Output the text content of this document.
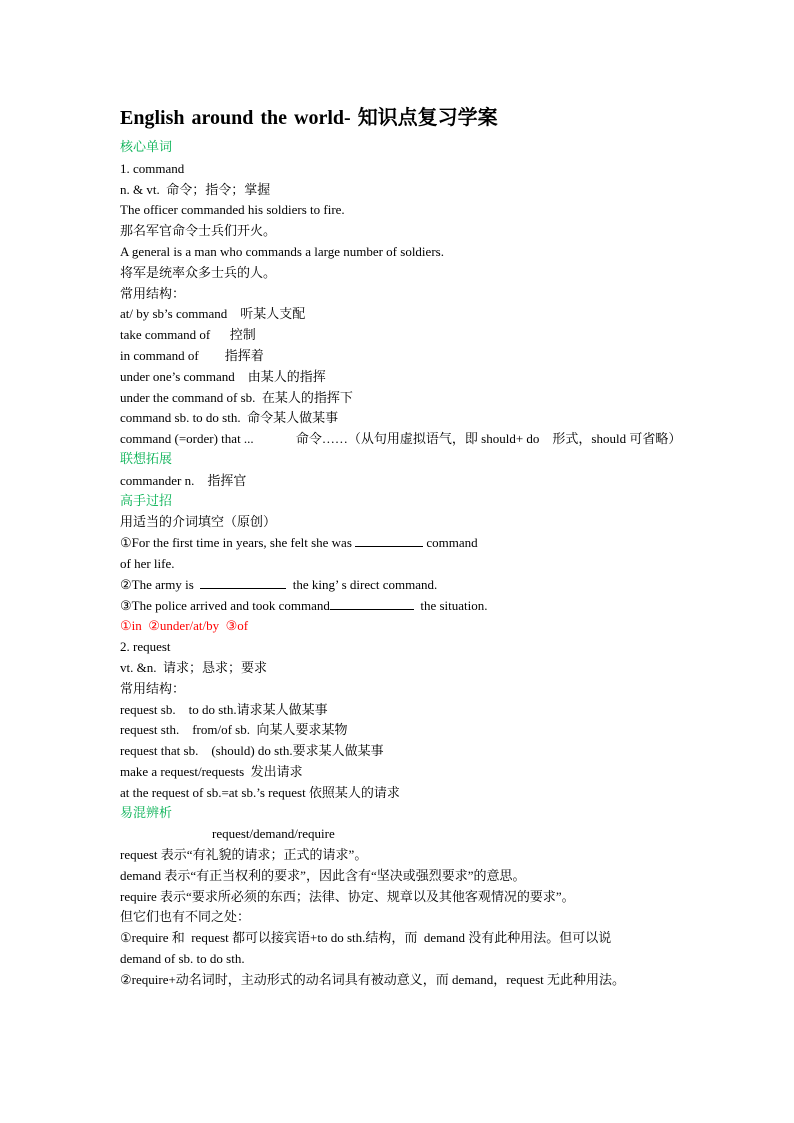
English around the world- 知识点复习学案
核心单词
1. command
n. & vt.  命令；指令；掌握
The officer commanded his soldiers to fire.
那名军官命令士兵们开火。
A general is a man who commands a large number of soldiers.
将军是统率众多士兵的人。
常用结构：
at/ by sb’s command    听某人支配
take command of      控制
in command of        指挥着
under one’s command    由某人的指挥
under the command of sb.  在某人的指挥下
command sb. to do sth.  命令某人做某事
command (=order) that ...             命令……（从句用虚拟语气，即 should+ do    形式，should 可省略）
联想拓展
commander n.    指挥官
高手过招
用适当的介词填空（原创）
①For the first time in years, she felt she was	command
of her life.
②The army is	the king’ s direct command.
③The police arrived and took command	the situation.
①in  ②under/at/by  ③of
2. request
vt. &n.  请求；恳求；要求
常用结构：
request sb.    to do sth.请求某人做某事
request sth.    from/of sb.  向某人要求某物
request that sb.    (should) do sth.要求某人做某事
make a request/requests  发出请求
at the request of sb.=at sb.’s request 依照某人的请求
易混辨析
request/demand/require
request 表示“有礼貌的请求；正式的请求”。
demand 表示“有正当权利的要求”，因此含有“坚决或强烈要求”的意思。
require 表示“要求所必须的东西；法律、协定、规章以及其他客观情况的要求”。
但它们也有不同之处：
①require 和  request 都可以接宾语+to do sth.结构，而  demand 没有此种用法。但可以说
demand of sb. to do sth.
②require+动名词时，主动形式的动名词具有被动意义，而 demand，request 无此种用法。
